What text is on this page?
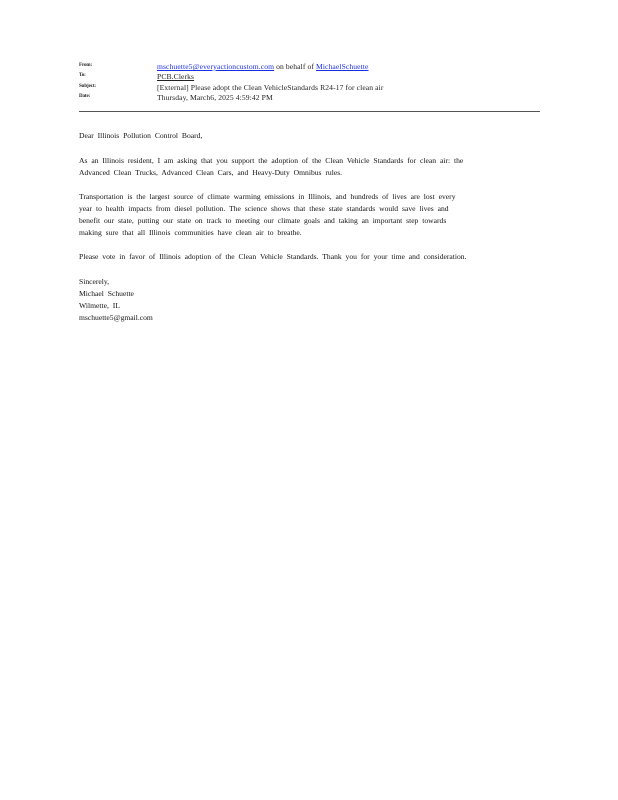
From:	mschuette5@everyactioncustom.com on behalf of MichaelSchuette
To:	PCB.Clerks
Subject:	[External] Please adopt the Clean VehicleStandards R24-17 for clean air
Date:	Thursday, March6, 2025 4:59:42 PM

Dear Illinois Pollution Control Board,

As an Illinois resident, I am asking that you support the adoption of the Clean Vehicle Standards for clean air: the
Advanced Clean Trucks, Advanced Clean Cars, and Heavy-Duty Omnibus rules.
Transportation is the largest source of climate warming emissions in Illinois, and hundreds of lives are lost every
year to health impacts from diesel pollution. The science shows that these state standards would save lives and
benefit our state, putting our state on track to meeting our climate goals and taking an important step towards
making sure that all Illinois communities have clean air to breathe.
Please vote in favor of Illinois adoption of the Clean Vehicle Standards. Thank you for your time and consideration.
Sincerely,
Michael Schuette
Wilmette, IL
mschuette5@gmail.com
